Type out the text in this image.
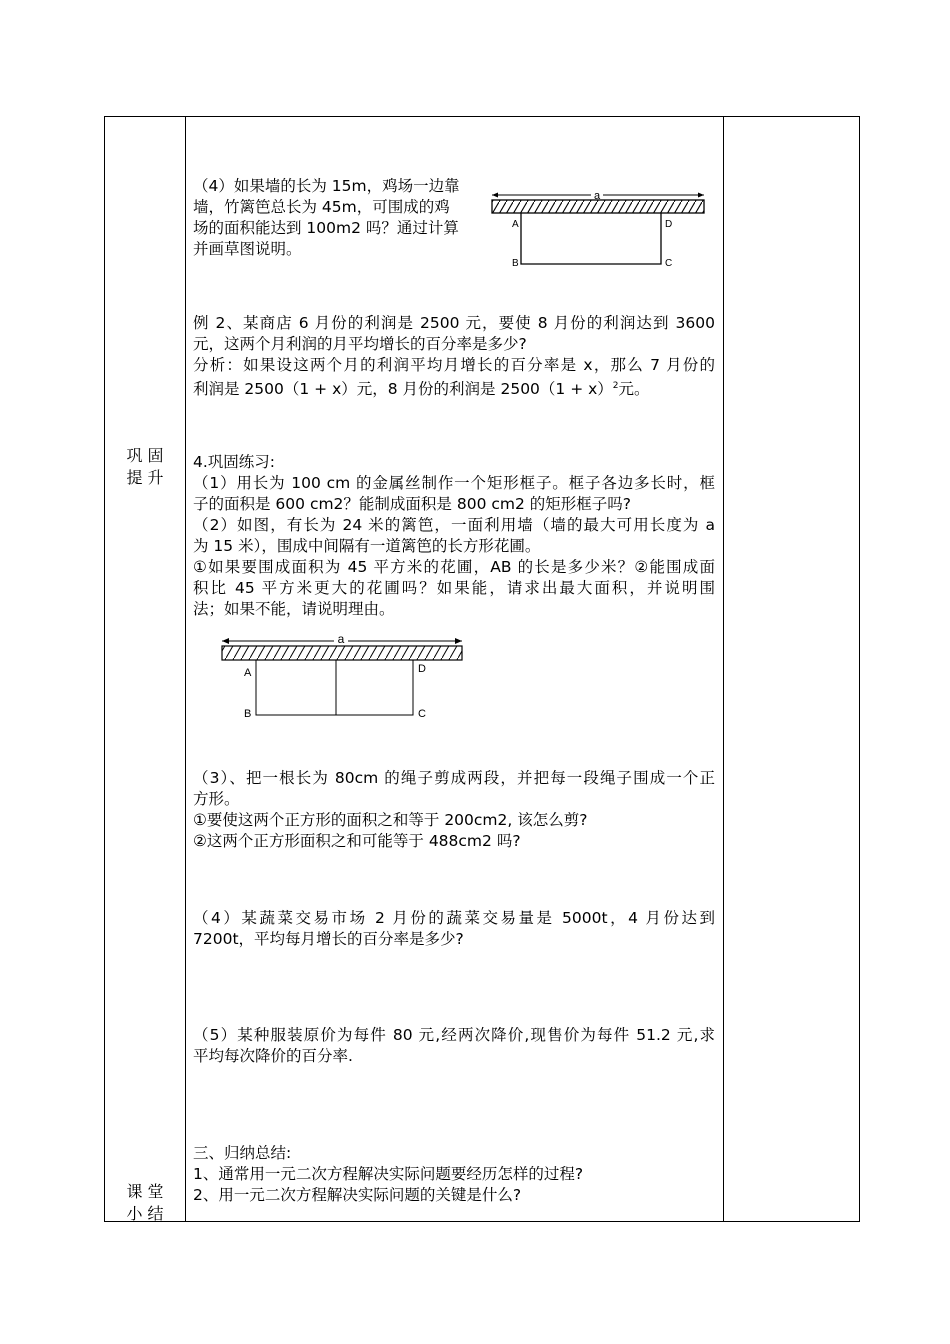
巩 固
提 升
课 堂
小 结
（4）如果墙的长为 15m，鸡场一边靠
墙，竹篱笆总长为 45m，可围成的鸡
场的面积能达到 100m2 吗？通过计算
并画草图说明。
a
A
B	C
D
例 2、某商店 6 月份的利润是 2500 元，要使 8 月份的利润达到 3600
元，这两个月利润的月平均增长的百分率是多少?
分析：如果设这两个月的利润平均月增长的百分率是 x，那么 7 月份的
利润是 2500（1 + x）元，8 月份的利润是 $2500(1 + x)^2$元。
4.巩固练习:
（1）用长为 100 cm 的金属丝制作一个矩形框子。框子各边多长时，框
子的面积是 600 cm2？能制成面积是 800 cm2 的矩形框子吗?
（2）如图，有长为 24 米的篱笆，一面利用墙（墙的最大可用长度为 a
为 15 米），围成中间隔有一道篱笆的长方形花圃。
①如果要围成面积为 45 平方米的花圃，AB 的长是多少米？②能围成面
积比 45 平方米更大的花圃吗？如果能，请求出最大面积，并说明围
法；如果不能，请说明理由。
a
A
B	C
D
（3）、把一根长为 80cm 的绳子剪成两段，并把每一段绳子围成一个正
方形。
①要使这两个正方形的面积之和等于 200cm2, 该怎么剪?
②这两个正方形面积之和可能等于 488cm2 吗?
（4）某蔬菜交易市场 2 月份的蔬菜交易量是 5000t，4 月份达到
7200t，平均每月增长的百分率是多少?
（5）某种服装原价为每件 80 元,经两次降价,现售价为每件 51.2 元,求
平均每次降价的百分率.
三、归纳总结:
1、通常用一元二次方程解决实际问题要经历怎样的过程?
2、用一元二次方程解决实际问题的关键是什么?
